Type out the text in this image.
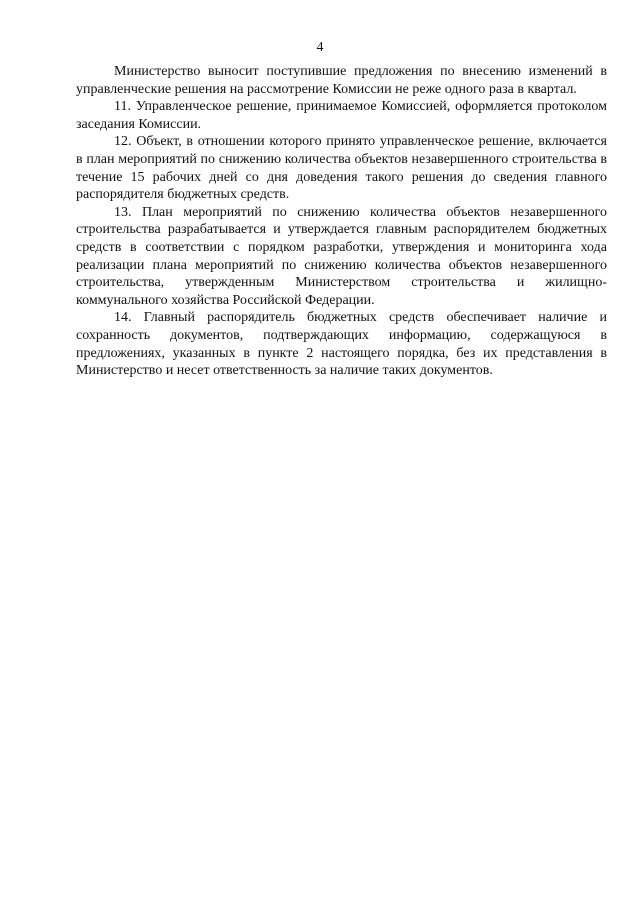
4

Министерство выносит поступившие предложения по внесению изменений в управленческие решения на рассмотрение Комиссии не реже одного раза в квартал.

11. Управленческое решение, принимаемое Комиссией, оформляется протоколом заседания Комиссии.

12. Объект, в отношении которого принято управленческое решение, включается в план мероприятий по снижению количества объектов незавершенного строительства в течение 15 рабочих дней со дня доведения такого решения до сведения главного распорядителя бюджетных средств.

13. План мероприятий по снижению количества объектов незавершенного строительства разрабатывается и утверждается главным распорядителем бюджетных средств в соответствии с порядком разработки, утверждения и мониторинга хода реализации плана мероприятий по снижению количества объектов незавершенного строительства, утвержденным Министерством строительства и жилищно-коммунального хозяйства Российской Федерации.

14. Главный распорядитель бюджетных средств обеспечивает наличие и сохранность документов, подтверждающих информацию, содержащуюся в предложениях, указанных в пункте 2 настоящего порядка, без их представления в Министерство и несет ответственность за наличие таких документов.
